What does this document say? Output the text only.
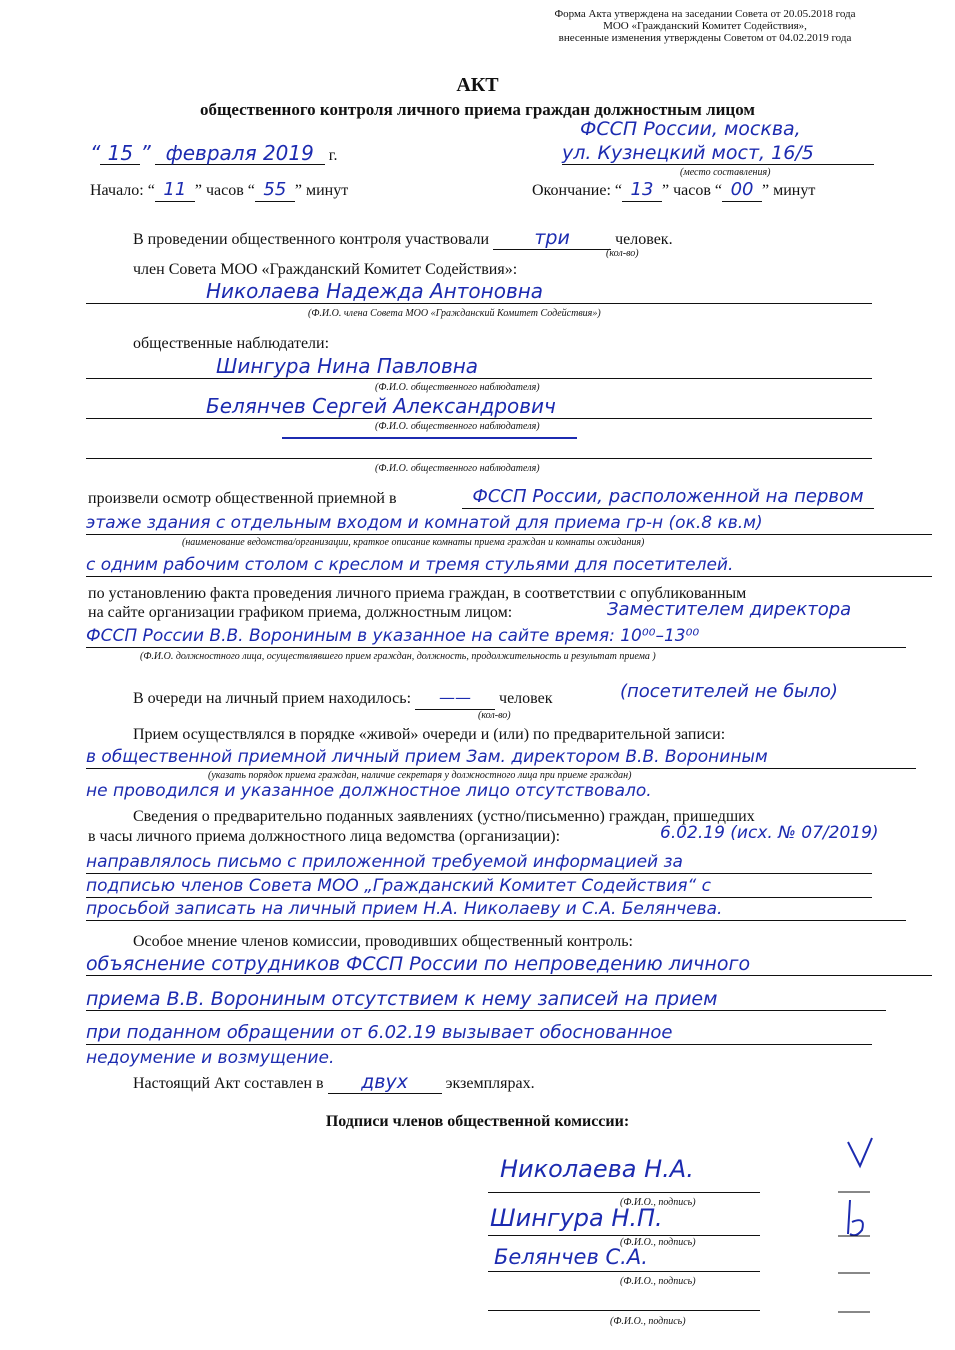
Форма Акта утверждена на заседании Совета от 20.05.2018 года
МОО «Гражданский Комитет Содействия»,
внесенные изменения утверждены Советом от 04.02.2019 года
АКТ
общественного контроля личного приема граждан должностным лицом
“ 15 ” февраля 2019 г.
ФССП России, москва,
ул. Кузнецкий мост, 16/5
(место составления)
Начало: “ 11 ” часов “ 55 ” минут	Окончание: “ 13 ” часов “ 00 ” минут
В проведении общественного контроля участвовали три	человек.
(кол-во)
член Совета МОО «Гражданский Комитет Содействия»:
Николаева Надежда Антоновна
(Ф.И.О. члена Совета МОО «Гражданский Комитет Содействия»)
общественные наблюдатели:
Шингура Нина Павловна
(Ф.И.О. общественного наблюдателя)
Белянчев Сергей Александрович
(Ф.И.О. общественного наблюдателя)
(Ф.И.О. общественного наблюдателя)
произвели осмотр общественной приемной в	ФССП России, расположенной на первом
этаже здания с отдельным входом и комнатой для приема гр-н (ок.8 кв.м)
(наименование ведомства/организации, краткое описание комнаты приема граждан и комнаты ожидания)
с одним рабочим столом с креслом и тремя стульями для посетителей.
по установлению факта проведения личного приема граждан, в соответствии с опубликованным
на сайте организации графиком приема, должностным лицом:	Заместителем директора
ФССП России В.В. Ворониным в указанное на сайте время: 10⁰⁰–13⁰⁰
(Ф.И.О. должностного лица, осуществлявшего прием граждан, должность, продолжительность и результат приема )
В очереди на личный прием находилось: —— человек	(посетителей не было)
(кол-во)
Прием осуществлялся в порядке «живой» очереди и (или) по предварительной записи:
в общественной приемной личный прием Зам. директором В.В. Ворониным
(указать порядок приема граждан, наличие секретаря у должностного лица при приеме граждан)
не проводился и указанное должностное лицо отсутствовало.
Сведения о предварительно поданных заявлениях (устно/письменно) граждан, пришедших
в часы личного приема должностного лица ведомства (организации):	6.02.19 (исх. № 07/2019)
направлялось письмо с приложенной требуемой информацией за
подписью членов Совета МОО „Гражданский Комитет Содействия“ с
просьбой записать на личный прием Н.А. Николаеву и С.А. Белянчева.
Особое мнение членов комиссии, проводивших общественный контроль:
объяснение сотрудников ФССП России по непроведению личного
приема В.В. Ворониным отсутствием к нему записей на прием
при поданном обращении от 6.02.19 вызывает обоснованное
недоумение и возмущение.
Настоящий Акт составлен в двух экземплярах.
Подписи членов общественной комиссии:
Николаева Н.А.
(Ф.И.О., подпись)
Шингура Н.П.
(Ф.И.О., подпись)
Белянчев С.А.
(Ф.И.О., подпись)
(Ф.И.О., подпись)
